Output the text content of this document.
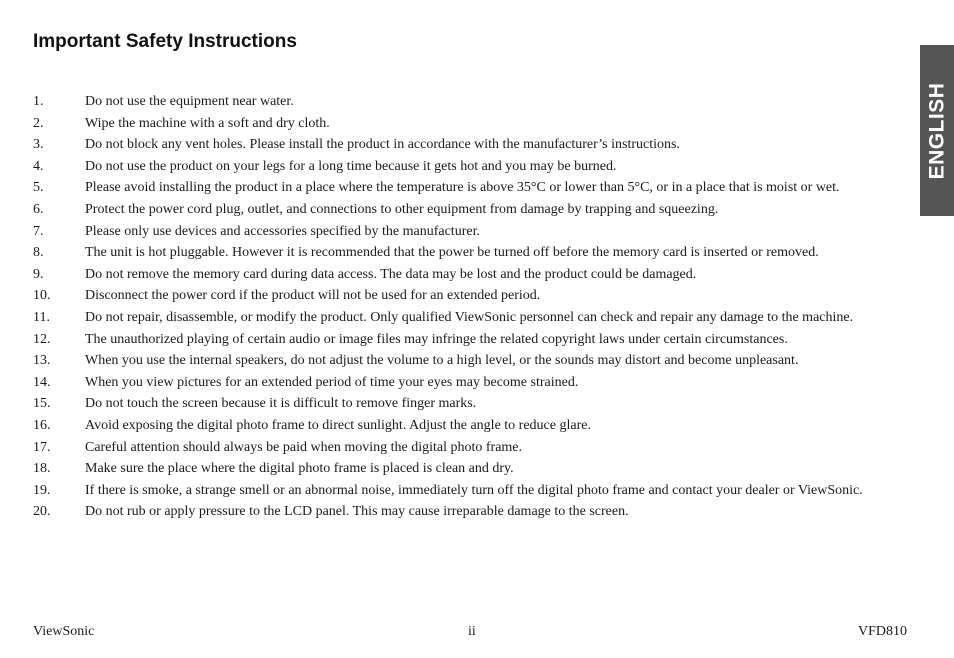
Important Safety Instructions
ENGLISH
1.	Do not use the equipment near water.
2.	Wipe the machine with a soft and dry cloth.
3.	Do not block any vent holes. Please install the product in accordance with the manufacturer’s instructions.
4.	Do not use the product on your legs for a long time because it gets hot and you may be burned.
5.	Please avoid installing the product in a place where the temperature is above 35°C or lower than 5°C, or in a place that is moist or wet.
6.	Protect the power cord plug, outlet, and connections to other equipment from damage by trapping and squeezing.
7.	Please only use devices and accessories specified by the manufacturer.
8.	The unit is hot pluggable. However it is recommended that the power be turned off before the memory card is inserted or removed.
9.	Do not remove the memory card during data access. The data may be lost and the product could be damaged.
10.	Disconnect the power cord if the product will not be used for an extended period.
11.	Do not repair, disassemble, or modify the product. Only qualified ViewSonic personnel can check and repair any damage to the machine.
12.	The unauthorized playing of certain audio or image files may infringe the related copyright laws under certain circumstances.
13.	When you use the internal speakers, do not adjust the volume to a high level, or the sounds may distort and become unpleasant.
14.	When you view pictures for an extended period of time your eyes may become strained.
15.	Do not touch the screen because it is difficult to remove finger marks.
16.	Avoid exposing the digital photo frame to direct sunlight. Adjust the angle to reduce glare.
17.	Careful attention should always be paid when moving the digital photo frame.
18.	Make sure the place where the digital photo frame is placed is clean and dry.
19.	If there is smoke, a strange smell or an abnormal noise, immediately turn off the digital photo frame and contact your dealer or ViewSonic.
20.	Do not rub or apply pressure to the LCD panel. This may cause irreparable damage to the screen.
ViewSonic	ii	VFD810
